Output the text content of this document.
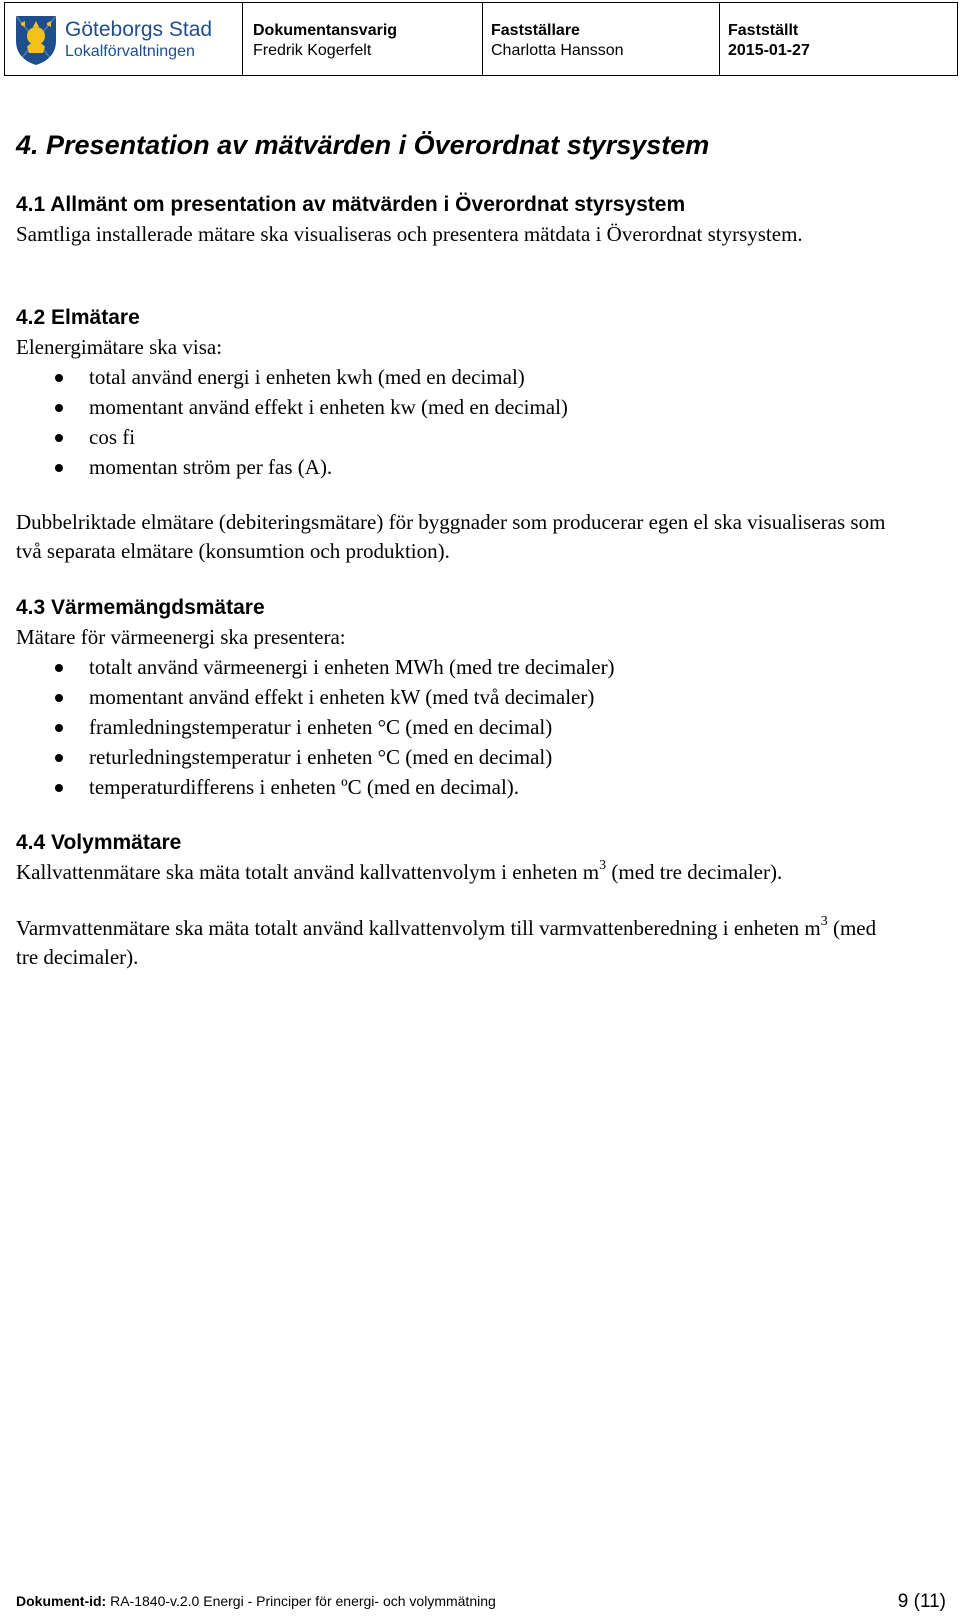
Göteborgs Stad
Lokalförvaltningen
Dokumentansvarig
Fredrik Kogerfelt
Fastställare
Charlotta Hansson
Fastställt
2015-01-27
4. Presentation av mätvärden i Överordnat styrsystem
4.1 Allmänt om presentation av mätvärden i Överordnat styrsystem
Samtliga installerade mätare ska visualiseras och presentera mätdata i Överordnat styrsystem.
4.2 Elmätare
Elenergimätare ska visa:
total använd energi i enheten kwh (med en decimal)
momentant använd effekt i enheten kw (med en decimal)
cos fi
momentan ström per fas (A).
Dubbelriktade elmätare (debiteringsmätare) för byggnader som producerar egen el ska visualiseras som två separata elmätare (konsumtion och produktion).
4.3 Värmemängdsmätare
Mätare för värmeenergi ska presentera:
totalt använd värmeenergi i enheten MWh (med tre decimaler)
momentant använd effekt i enheten kW (med två decimaler)
framledningstemperatur i enheten °C (med en decimal)
returledningstemperatur i enheten °C (med en decimal)
temperaturdifferens i enheten ºC (med en decimal).
4.4 Volymmätare
Kallvattenmätare ska mäta totalt använd kallvattenvolym i enheten $m^3$ (med tre decimaler).
Varmvattenmätare ska mäta totalt använd kallvattenvolym till varmvattenberedning i enheten $m^3$ (med tre decimaler).
Dokument-id: RA-1840-v.2.0 Energi - Principer för energi- och volymmätning	9 (11)
